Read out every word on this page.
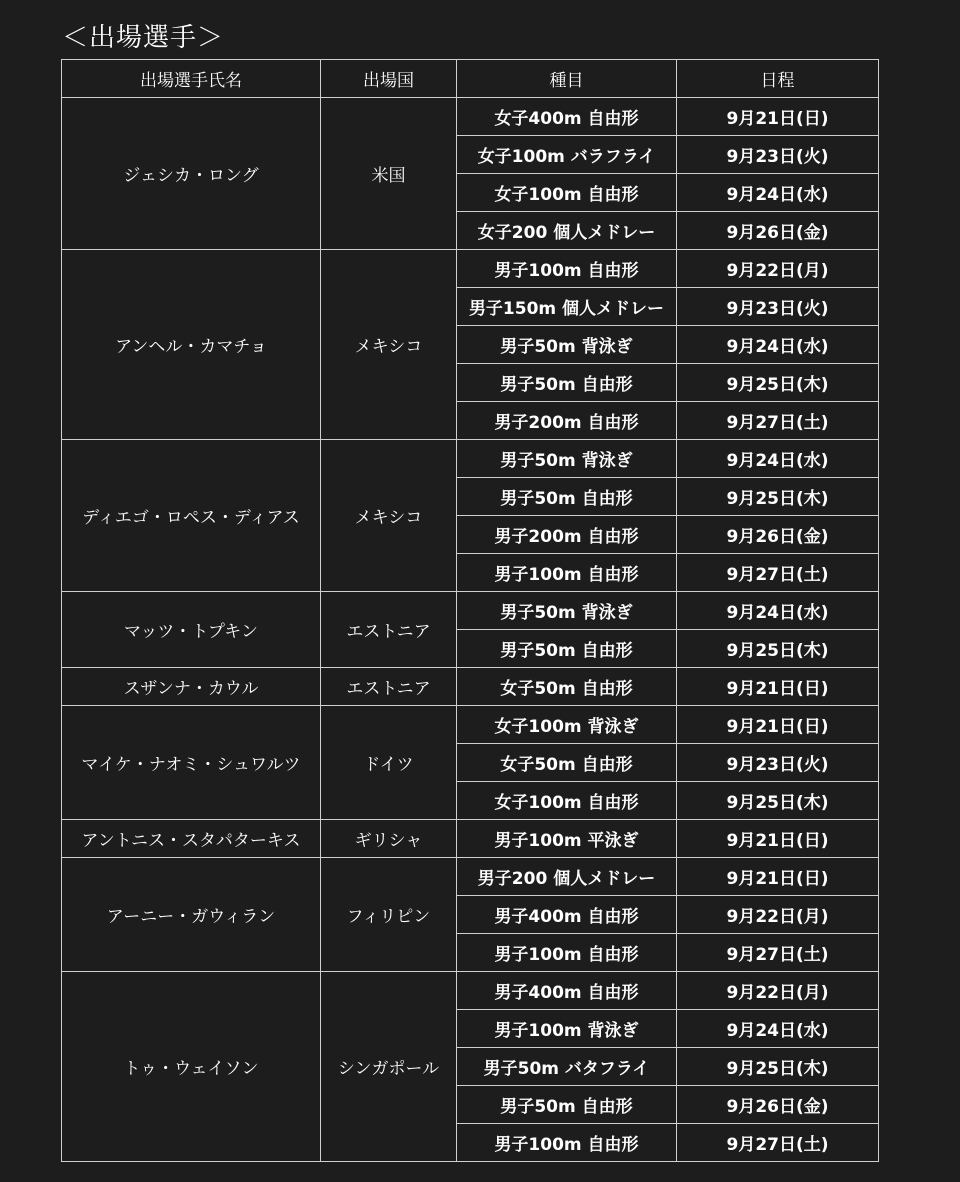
＜出場選手＞
出場選手氏名	出場国	種目	日程
ジェシカ・ロング	米国	女子400m 自由形	9月21日(日)
		女子100m バラフライ	9月23日(火)
		女子100m 自由形	9月24日(水)
		女子200 個人メドレー	9月26日(金)
アンヘル・カマチョ	メキシコ	男子100m 自由形	9月22日(月)
		男子150m 個人メドレー	9月23日(火)
		男子50m 背泳ぎ	9月24日(水)
		男子50m 自由形	9月25日(木)
		男子200m 自由形	9月27日(土)
ディエゴ・ロペス・ディアス	メキシコ	男子50m 背泳ぎ	9月24日(水)
		男子50m 自由形	9月25日(木)
		男子200m 自由形	9月26日(金)
		男子100m 自由形	9月27日(土)
マッツ・トプキン	エストニア	男子50m 背泳ぎ	9月24日(水)
		男子50m 自由形	9月25日(木)
スザンナ・カウル	エストニア	女子50m 自由形	9月21日(日)
マイケ・ナオミ・シュワルツ	ドイツ	女子100m 背泳ぎ	9月21日(日)
		女子50m 自由形	9月23日(火)
		女子100m 自由形	9月25日(木)
アントニス・スタパターキス	ギリシャ	男子100m 平泳ぎ	9月21日(日)
アーニー・ガウィラン	フィリピン	男子200 個人メドレー	9月21日(日)
		男子400m 自由形	9月22日(月)
		男子100m 自由形	9月27日(土)
トゥ・ウェイソン	シンガポール	男子400m 自由形	9月22日(月)
		男子100m 背泳ぎ	9月24日(水)
		男子50m バタフライ	9月25日(木)
		男子50m 自由形	9月26日(金)
		男子100m 自由形	9月27日(土)
